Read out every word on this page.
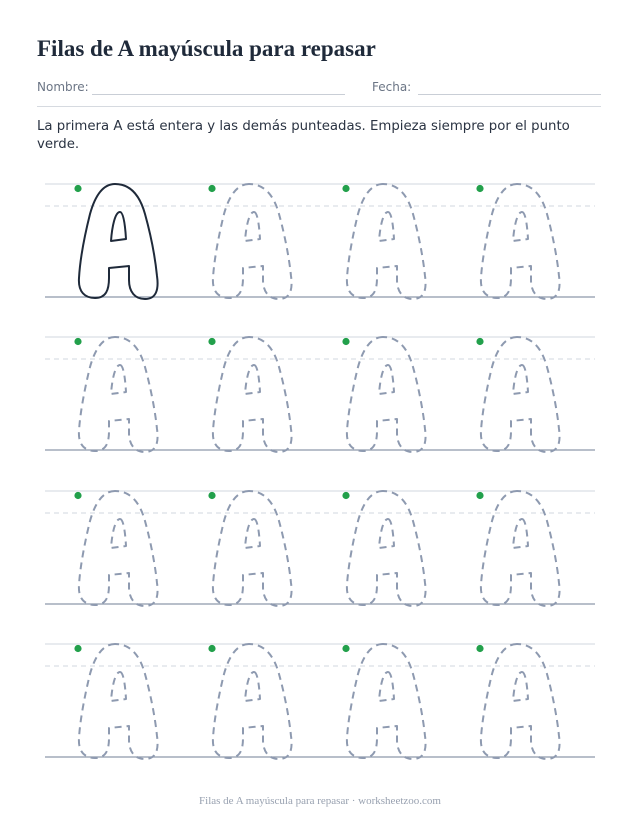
Filas de A mayúscula para repasar
Nombre:	Fecha:

La primera A está entera y las demás punteadas. Empieza siempre por el punto verde.

Filas de A mayúscula para repasar · worksheetzoo.com
